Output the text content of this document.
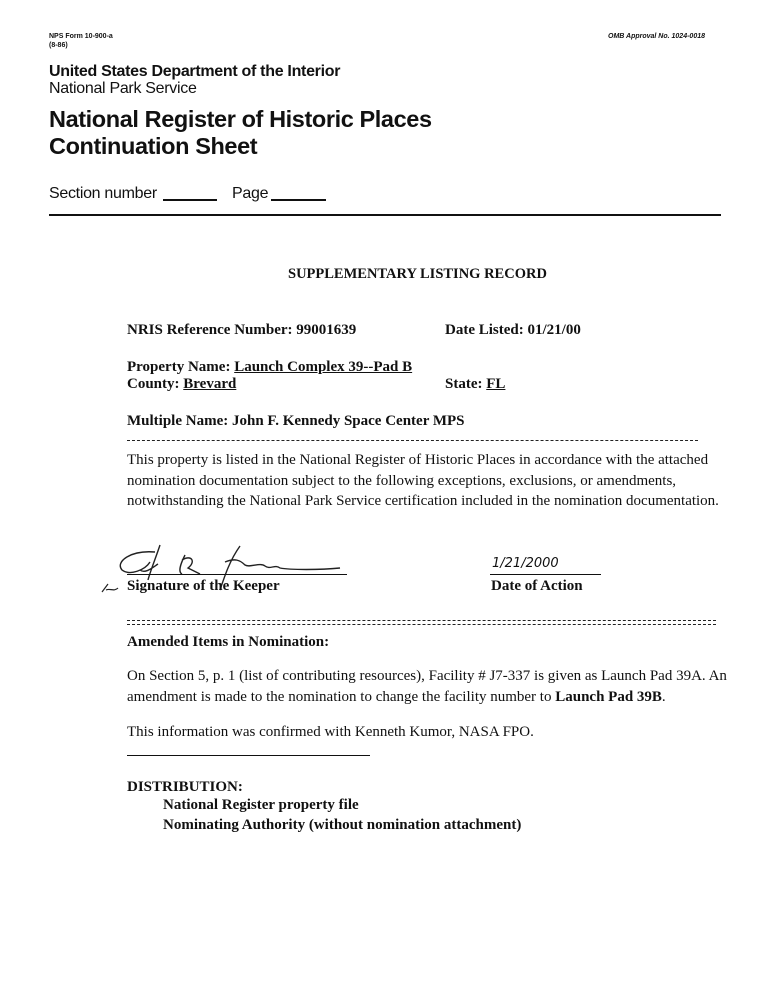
NPS Form 10-900-a
(8-86)
OMB Approval No. 1024-0018
United States Department of the Interior
National Park Service
National Register of Historic Places
Continuation Sheet
Section number	Page
SUPPLEMENTARY LISTING RECORD
NRIS Reference Number: 99001639	Date Listed: 01/21/00
Property Name: Launch Complex 39--Pad B
County: Brevard	State: FL
Multiple Name: John F. Kennedy Space Center MPS

This property is listed in the National Register of Historic Places in accordance with the attached nomination documentation subject to the following exceptions, exclusions, or amendments, notwithstanding the National Park Service certification included in the nomination documentation.

Signature of the Keeper
1/21/2000
Date of Action
Amended Items in Nomination:

On Section 5, p. 1 (list of contributing resources), Facility # J7-337 is given as Launch Pad 39A. An amendment is made to the nomination to change the facility number to Launch Pad 39B.

This information was confirmed with Kenneth Kumor, NASA FPO.
DISTRIBUTION:
National Register property file
Nominating Authority (without nomination attachment)
